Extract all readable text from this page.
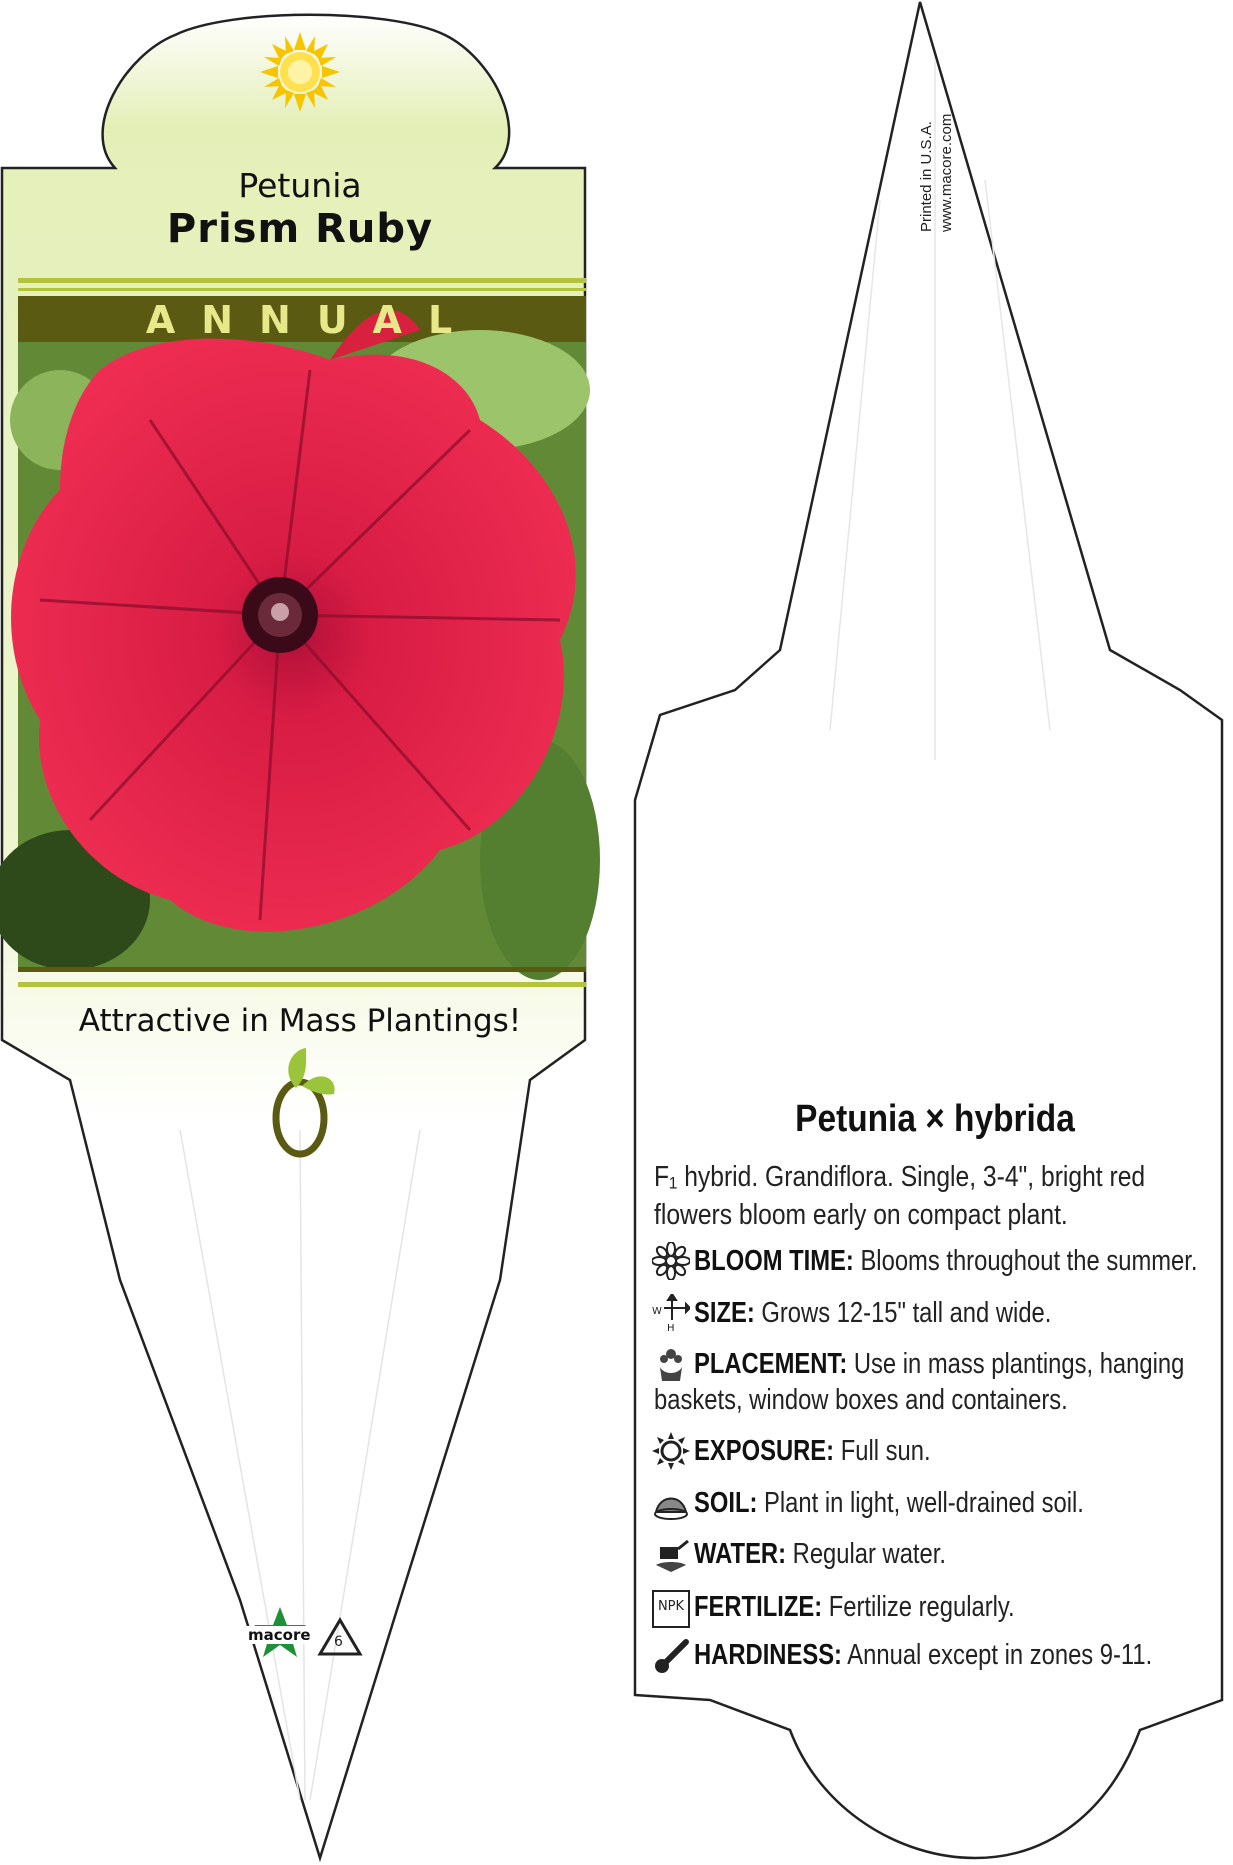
Petunia
Prism Ruby
ANNUAL
Attractive in Mass Plantings!
macore 6
Printed in U.S.A. www.macore.com
Petunia × hybrida
F₁ hybrid. Grandiflora. Single, 3-4", bright red flowers bloom early on compact plant.
BLOOM TIME: Blooms throughout the summer.
W
H SIZE: Grows 12-15" tall and wide.
PLACEMENT: Use in mass plantings, hanging
baskets, window boxes and containers.
EXPOSURE: Full sun.
SOIL: Plant in light, well-drained soil.
WATER: Regular water.
NPK FERTILIZE: Fertilize regularly.
HARDINESS: Annual except in zones 9-11.
